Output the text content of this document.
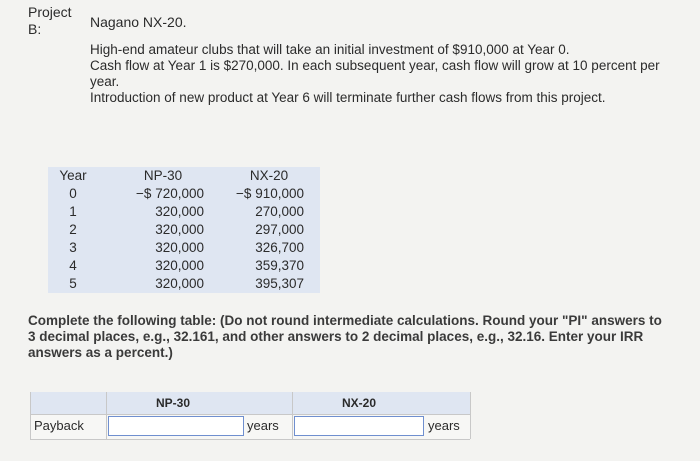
Project B:	Nagano NX-20.

High-end amateur clubs that will take an initial investment of $910,000 at Year 0.

Cash flow at Year 1 is $270,000. In each subsequent year, cash flow will grow at 10 percent per year.

Introduction of new product at Year 6 will terminate further cash flows from this project.

Year	NP-30	NX-20
0	−$ 720,000	−$ 910,000
1	320,000	270,000
2	320,000	297,000
3	320,000	326,700
4	320,000	359,370
5	320,000	395,307
Complete the following table: (Do not round intermediate calculations. Round your "PI" answers to 3 decimal places, e.g., 32.161, and other answers to 2 decimal places, e.g., 32.16. Enter your IRR answers as a percent.)
NP-30	NX-20
Payback	years	years
